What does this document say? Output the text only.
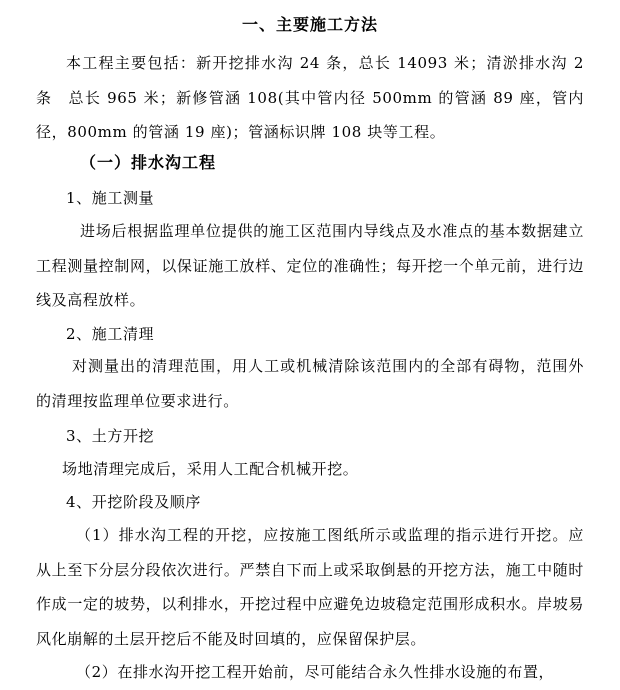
一、主要施工方法
本工程主要包括：新开挖排水沟 24 条，总长 14093 米；清淤排水沟 2 条　总长 965 米；新修管涵 108(其中管内径 500mm 的管涵 89 座，管内径，800mm 的管涵 19 座)；管涵标识牌 108 块等工程。
（一）排水沟工程
1、施工测量
进场后根据监理单位提供的施工区范围内导线点及水准点的基本数据建立工程测量控制网，以保证施工放样、定位的准确性；每开挖一个单元前，进行边线及高程放样。
2、施工清理
对测量出的清理范围，用人工或机械清除该范围内的全部有碍物，范围外的清理按监理单位要求进行。
3、土方开挖
场地清理完成后，采用人工配合机械开挖。
4、开挖阶段及顺序
（1）排水沟工程的开挖，应按施工图纸所示或监理的指示进行开挖。应从上至下分层分段依次进行。严禁自下而上或采取倒悬的开挖方法，施工中随时作成一定的坡势，以利排水，开挖过程中应避免边坡稳定范围形成积水。岸坡易风化崩解的土层开挖后不能及时回填的，应保留保护层。
（2）在排水沟开挖工程开始前，尽可能结合永久性排水设施的布置，
